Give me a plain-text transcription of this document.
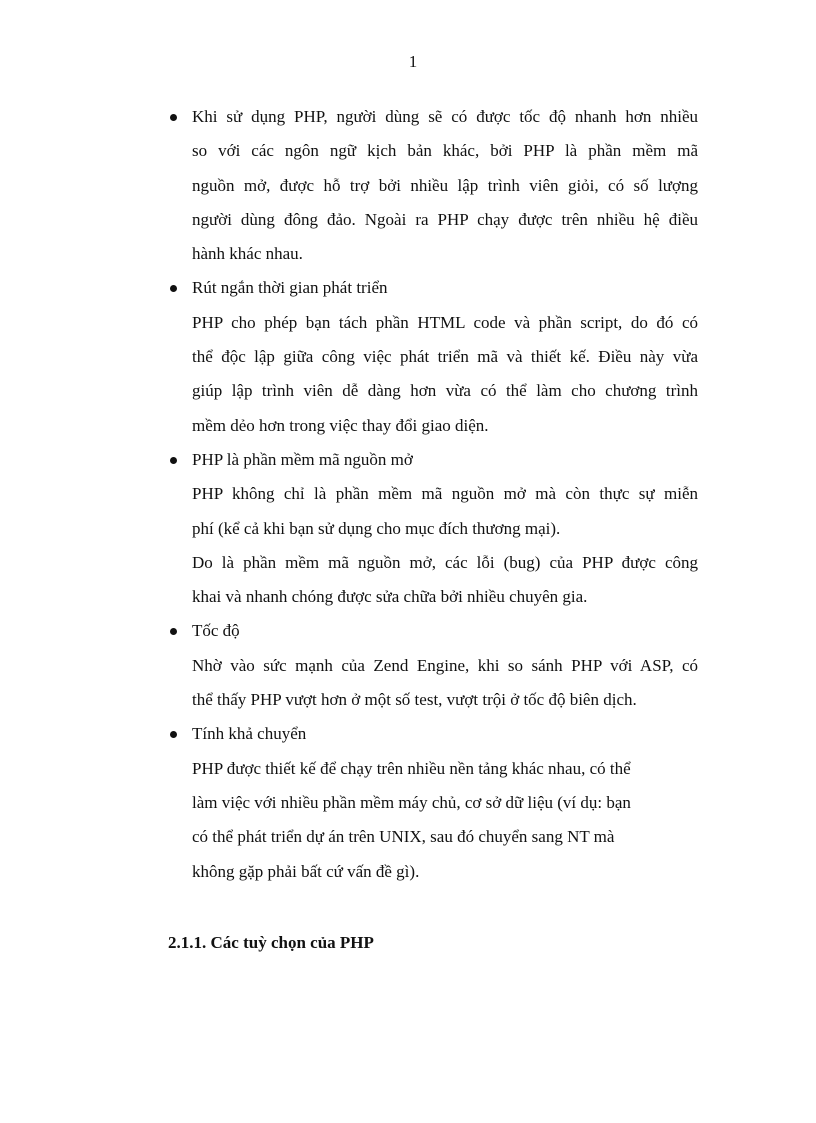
1
Khi sử dụng PHP, người dùng sẽ có được tốc độ nhanh hơn nhiều
so với các ngôn ngữ kịch bản khác, bởi PHP là phần mềm mã
nguồn mở, được hỗ trợ bởi nhiều lập trình viên giỏi, có số lượng
người dùng đông đảo. Ngoài ra PHP chạy được trên nhiều hệ điều
hành khác nhau.
Rút ngắn thời gian phát triển
PHP cho phép bạn tách phần HTML code và phần script, do đó có
thể độc lập giữa công việc phát triển mã và thiết kế. Điều này vừa
giúp lập trình viên dễ dàng hơn vừa có thể làm cho chương trình
mềm dẻo hơn trong việc thay đổi giao diện.
PHP là phần mềm mã nguồn mở
PHP không chỉ là phần mềm mã nguồn mở mà còn thực sự miễn
phí (kể cả khi bạn sử dụng cho mục đích thương mại).
Do là phần mềm mã nguồn mở, các lỗi (bug) của PHP được công
khai và nhanh chóng được sửa chữa bởi nhiều chuyên gia.
Tốc độ
Nhờ vào sức mạnh của Zend Engine, khi so sánh PHP với ASP, có
thể thấy PHP vượt hơn ở một số test, vượt trội ở tốc độ biên dịch.
Tính khả chuyển
PHP được thiết kế để chạy trên nhiều nền tảng khác nhau, có thể
làm việc với nhiều phần mềm máy chủ, cơ sở dữ liệu (ví dụ: bạn
có thể phát triển dự án trên UNIX, sau đó chuyển sang NT mà
không gặp phải bất cứ vấn đề gì).
2.1.1. Các tuỳ chọn của PHP
